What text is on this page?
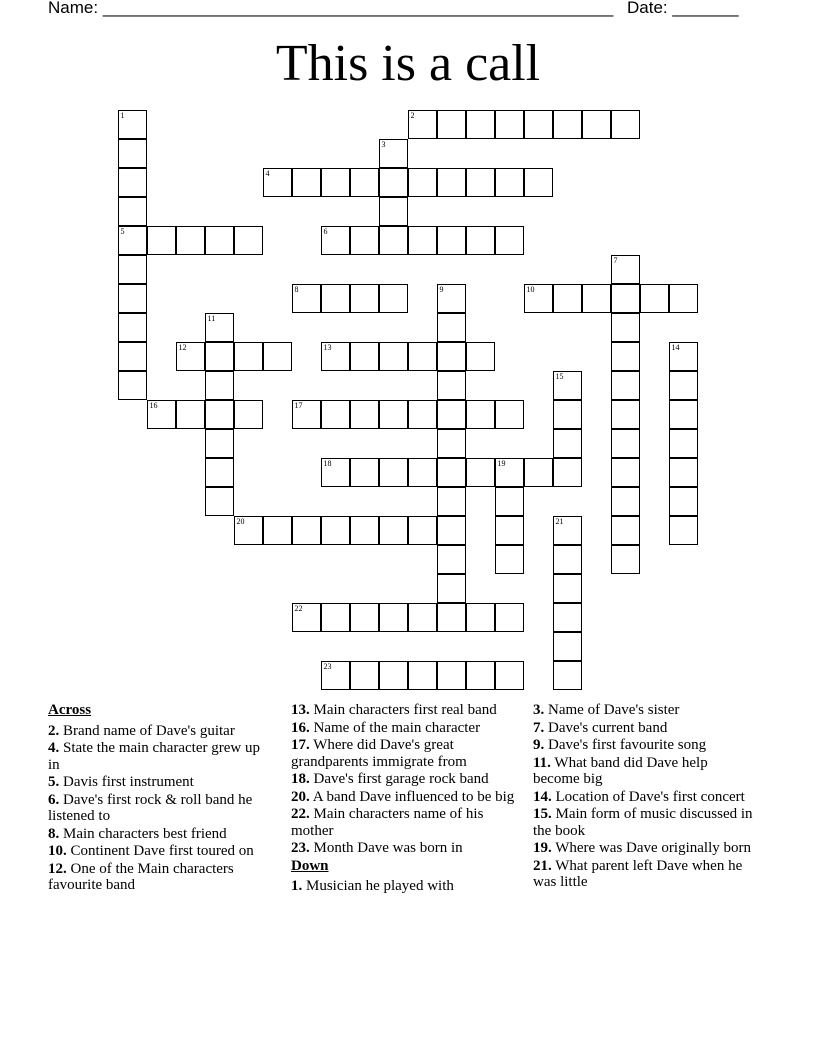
Name: ______________________________________________________ Date: _______
This is a call
1
5
2
3
4
6
7
8	9	10
11
12	13	14
15
16	17
18	19
20	21
22
23
Across
2. Brand name of Dave's guitar
4. State the main character grew up in
5. Davis first instrument
6. Dave's first rock & roll band he listened to
8. Main characters best friend
10. Continent Dave first toured on
12. One of the Main characters favourite band
13. Main characters first real band
16. Name of the main character
17. Where did Dave's great grandparents immigrate from
18. Dave's first garage rock band
20. A band Dave influenced to be big
22. Main characters name of his mother
23. Month Dave was born in
Down
1. Musician he played with
3. Name of Dave's sister
7. Dave's current band
9. Dave's first favourite song
11. What band did Dave help become big
14. Location of Dave's first concert
15. Main form of music discussed in the book
19. Where was Dave originally born
21. What parent left Dave when he was little
